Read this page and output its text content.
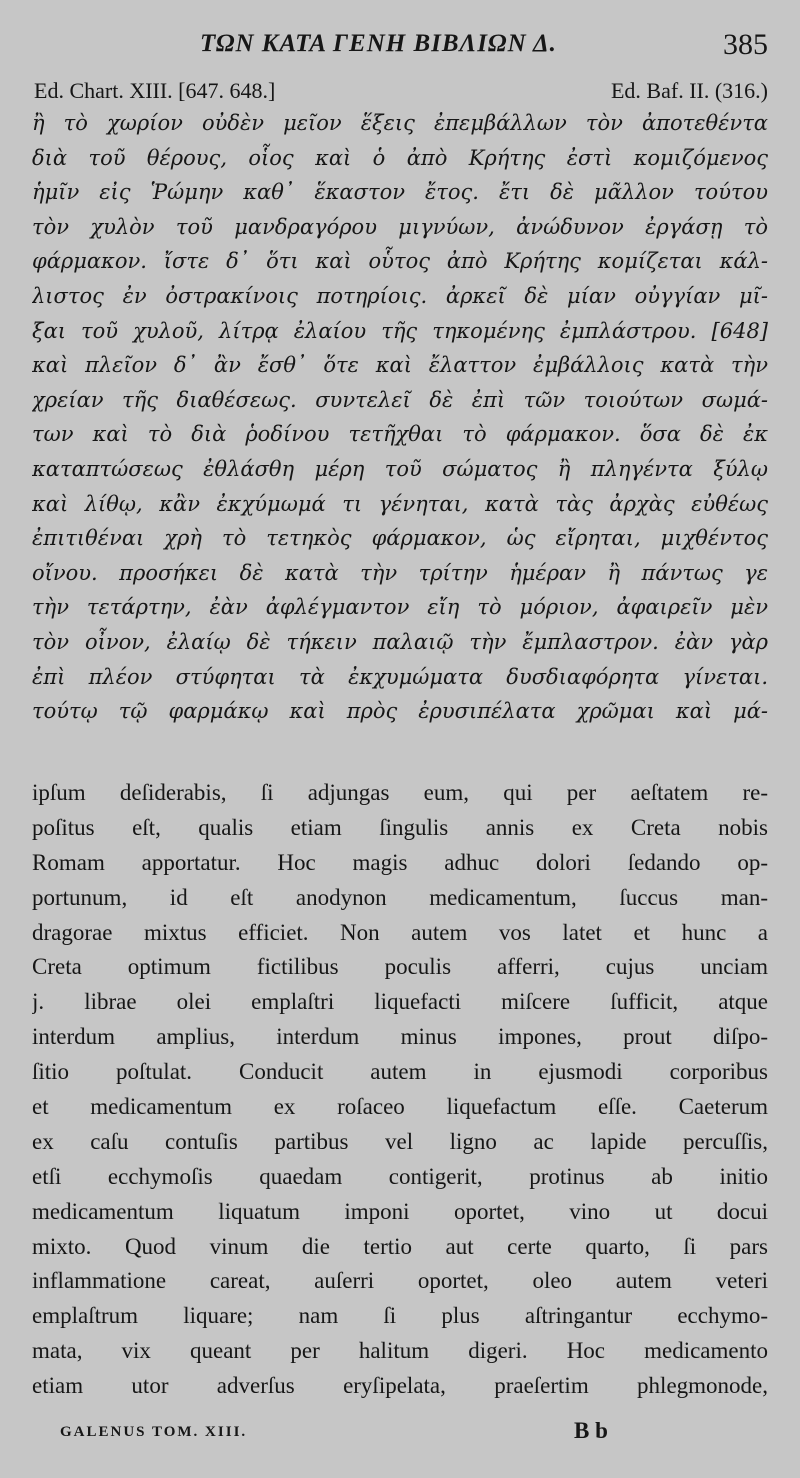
ΤΩΝ ΚΑΤΑ ΓΕΝΗ ΒΙΒΛΙΩΝ Δ.	385
Ed. Chart. XIII. [647. 648.]	Ed. Baf. II. (316.)
ἢ τὸ χωρίον οὐδὲν μεῖον ἕξεις ἐπεμβάλλων τὸν ἀποτεθέντα
διὰ τοῦ θέρους, οἷος καὶ ὁ ἀπὸ Κρήτης ἐστὶ κομιζόμενος
ἡμῖν εἰς Ῥώμην καθ᾽ ἕκαστον ἔτος. ἔτι δὲ μᾶλλον τούτου
τὸν χυλὸν τοῦ μανδραγόρου μιγνύων, ἀνώδυνον ἐργάσῃ τὸ
φάρμακον. ἴστε δ᾽ ὅτι καὶ οὗτος ἀπὸ Κρήτης κομίζεται κάλ-
λιστος ἐν ὀστρακίνοις ποτηρίοις. ἀρκεῖ δὲ μίαν οὐγγίαν μῖ-
ξαι τοῦ χυλοῦ, λίτρᾳ ἐλαίου τῆς τηκομένης ἐμπλάστρου. [648]
καὶ πλεῖον δ᾽ ἂν ἔσθ᾽ ὅτε καὶ ἔλαττον ἐμβάλλοις κατὰ τὴν
χρείαν τῆς διαθέσεως. συντελεῖ δὲ ἐπὶ τῶν τοιούτων σωμά-
των καὶ τὸ διὰ ῥοδίνου τετῆχθαι τὸ φάρμακον. ὅσα δὲ ἐκ
καταπτώσεως ἐθλάσθη μέρη τοῦ σώματος ἢ πληγέντα ξύλῳ
καὶ λίθῳ, κἂν ἐκχύμωμά τι γένηται, κατὰ τὰς ἀρχὰς εὐθέως
ἐπιτιθέναι χρὴ τὸ τετηκὸς φάρμακον, ὡς εἴρηται, μιχθέντος
οἴνου. προσήκει δὲ κατὰ τὴν τρίτην ἡμέραν ἢ πάντως γε
τὴν τετάρτην, ἐὰν ἀφλέγμαντον εἴη τὸ μόριον, ἀφαιρεῖν μὲν
τὸν οἶνον, ἐλαίῳ δὲ τήκειν παλαιῷ τὴν ἔμπλαστρον. ἐὰν γὰρ
ἐπὶ πλέον στύφηται τὰ ἐκχυμώματα δυσδιαφόρητα γίνεται.
τούτῳ τῷ φαρμάκῳ καὶ πρὸς ἐρυσιπέλατα χρῶμαι καὶ μά-
ipſum deſiderabis, ſi adjungas eum, qui per aeſtatem re-
poſitus eſt, qualis etiam ſingulis annis ex Creta nobis
Romam apportatur. Hoc magis adhuc dolori ſedando op-
portunum, id eſt anodynon medicamentum, ſuccus man-
dragorae mixtus efficiet. Non autem vos latet et hunc a
Creta optimum fictilibus poculis afferri, cujus unciam
j. librae olei emplaſtri liquefacti miſcere ſufficit, atque
interdum amplius, interdum minus impones, prout diſpo-
ſitio poſtulat. Conducit autem in ejusmodi corporibus
et medicamentum ex roſaceo liquefactum eſſe. Caeterum
ex caſu contuſis partibus vel ligno ac lapide percuſſis,
etſi ecchymoſis quaedam contigerit, protinus ab initio
medicamentum liquatum imponi oportet, vino ut docui
mixto. Quod vinum die tertio aut certe quarto, ſi pars
inflammatione careat, auſerri oportet, oleo autem veteri
emplaſtrum liquare; nam ſi plus aſtringantur ecchymo-
mata, vix queant per halitum digeri. Hoc medicamento
etiam utor adverſus eryſipelata, praeſertim phlegmonode,
GALENUS TOM. XIII.	B b
